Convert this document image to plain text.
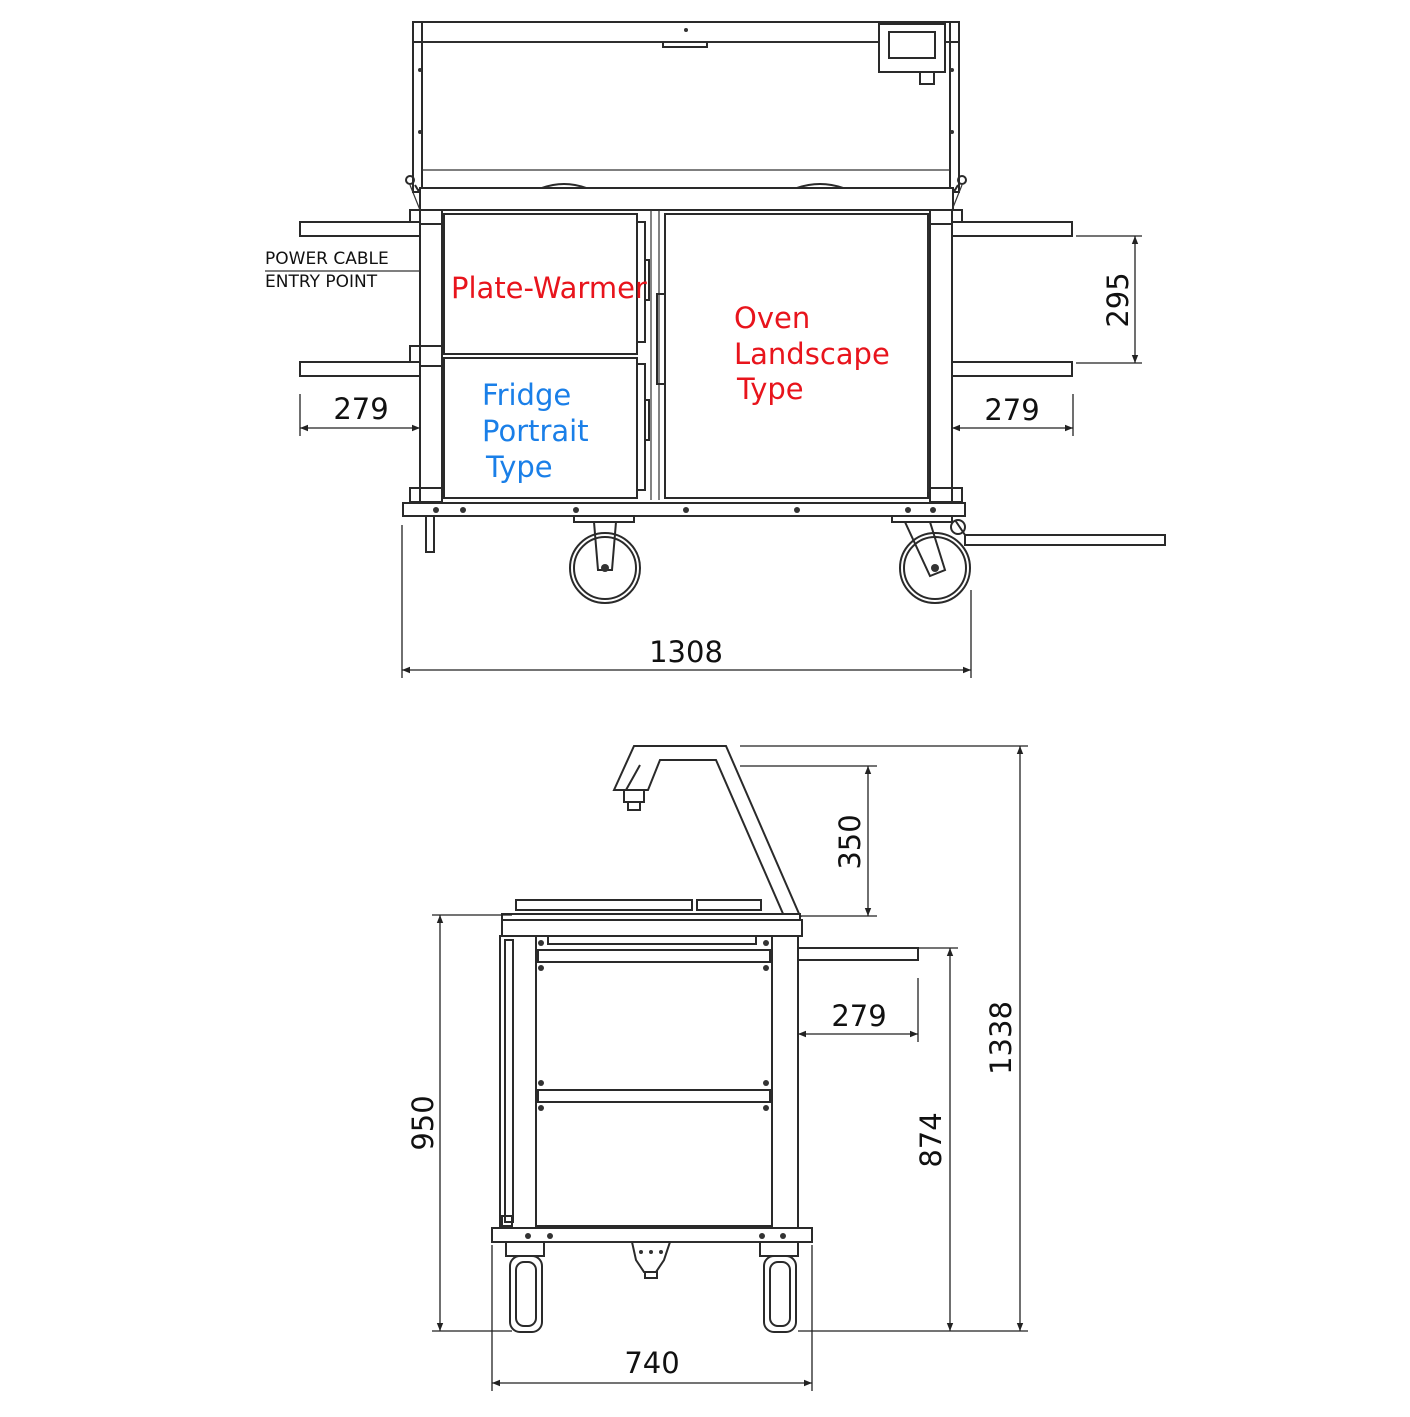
POWER CABLE
ENTRY POINT	Plate-Warmer
Fridge
Portrait
Type
Oven
Landscape
Type
295
279	279
1308
350
279
950	874
1338
740
